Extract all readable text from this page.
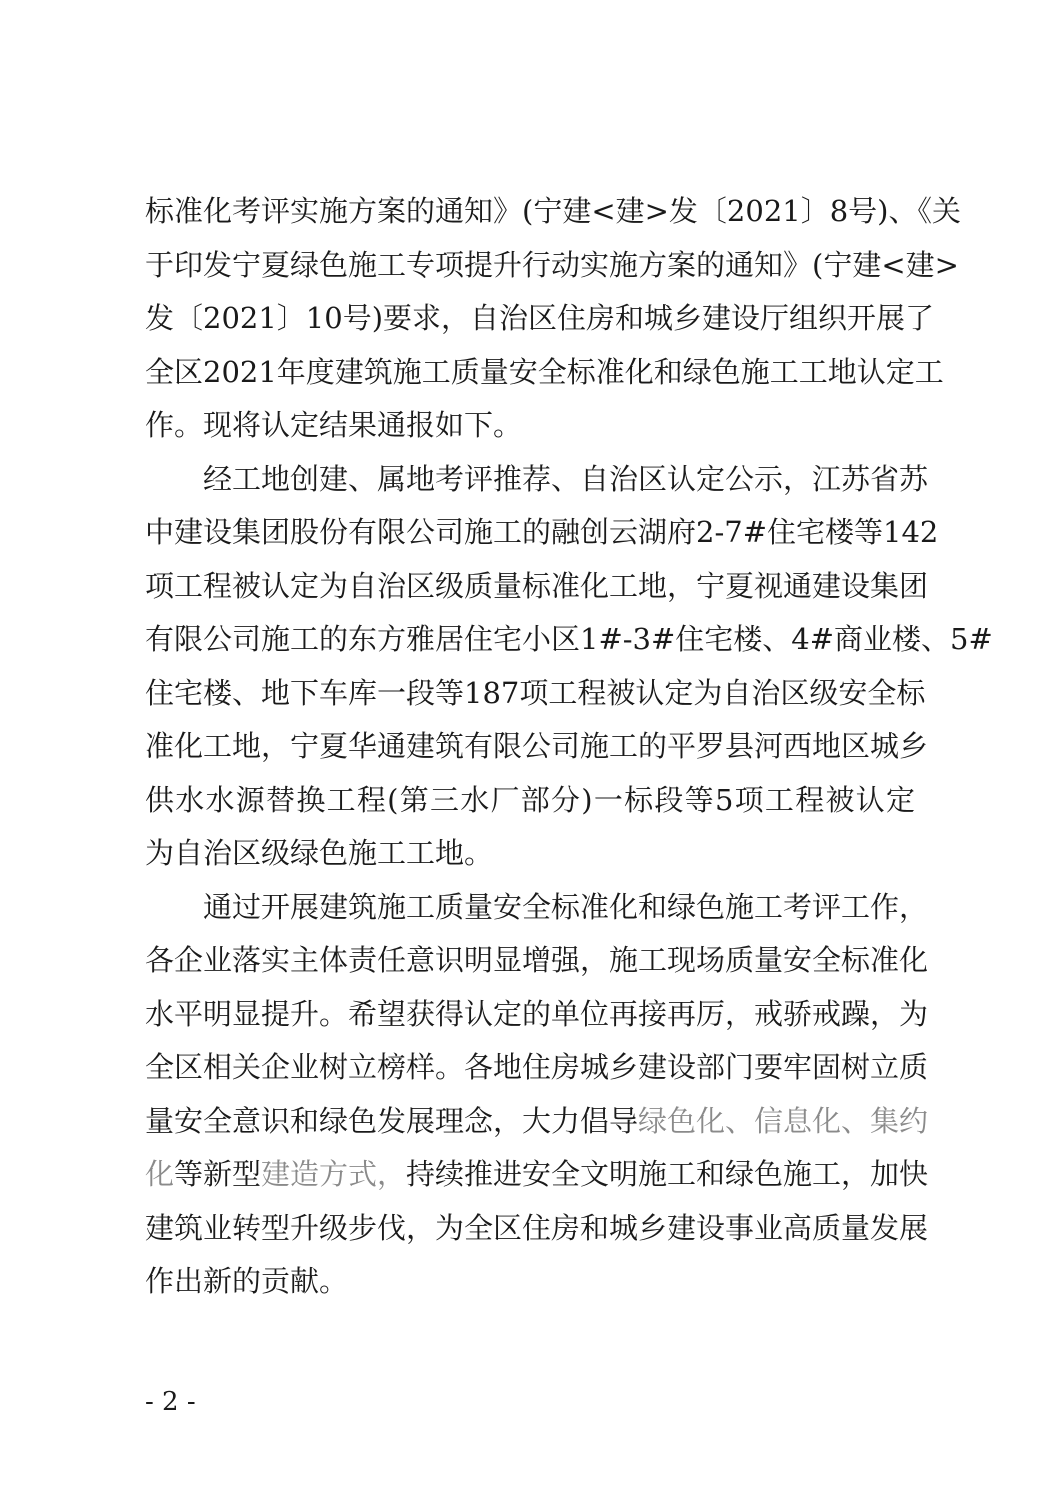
标准化考评实施方案的通知》(宁建<建>发〔2021〕8号)、《关
于印发宁夏绿色施工专项提升行动实施方案的通知》(宁建<建>
发〔2021〕10号)要求，自治区住房和城乡建设厅组织开展了
全区2021年度建筑施工质量安全标准化和绿色施工工地认定工
作。现将认定结果通报如下。
经工地创建、属地考评推荐、自治区认定公示，江苏省苏
中建设集团股份有限公司施工的融创云湖府2-7#住宅楼等142
项工程被认定为自治区级质量标准化工地，宁夏视通建设集团
有限公司施工的东方雅居住宅小区1#-3#住宅楼、4#商业楼、5#
住宅楼、地下车库一段等187项工程被认定为自治区级安全标
准化工地，宁夏华通建筑有限公司施工的平罗县河西地区城乡
供水水源替换工程(第三水厂部分)一标段等5项工程被认定
为自治区级绿色施工工地。
通过开展建筑施工质量安全标准化和绿色施工考评工作，
各企业落实主体责任意识明显增强，施工现场质量安全标准化
水平明显提升。希望获得认定的单位再接再厉，戒骄戒躁，为
全区相关企业树立榜样。各地住房城乡建设部门要牢固树立质
量安全意识和绿色发展理念，大力倡导绿色化、信息化、集约
化等新型建造方式，持续推进安全文明施工和绿色施工，加快
建筑业转型升级步伐，为全区住房和城乡建设事业高质量发展
作出新的贡献。
- 2 -
